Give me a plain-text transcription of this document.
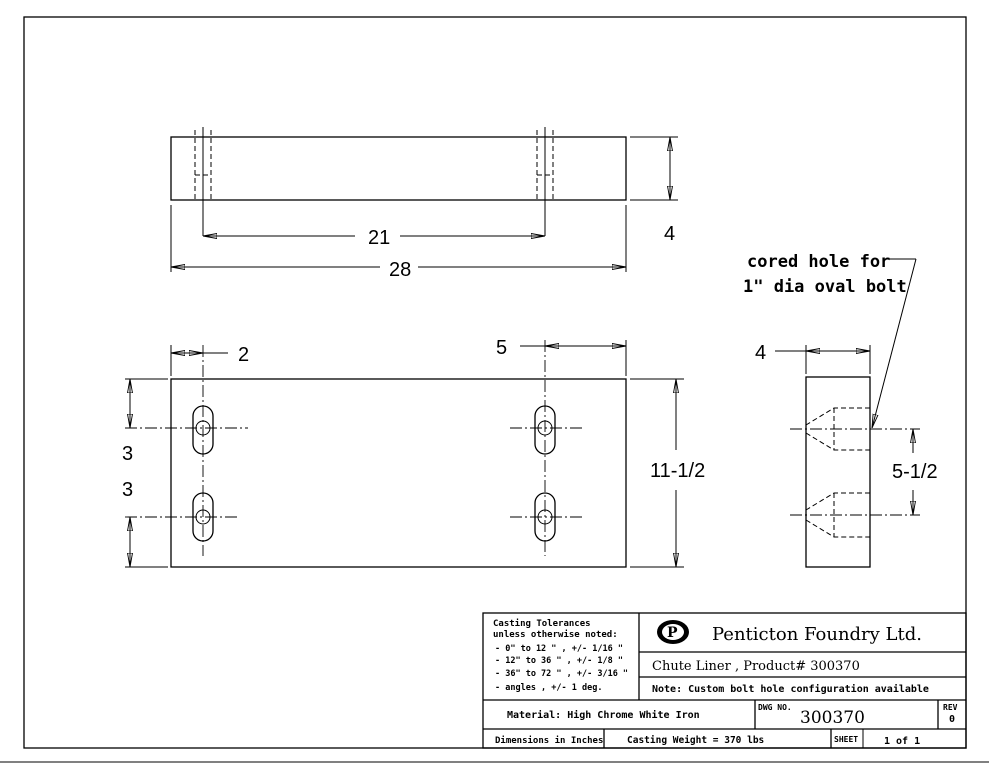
21
28
4
2	5
3
3
11-1/2
4
5-1/2
cored hole for
1" dia oval bolt
Casting Tolerances
unless otherwise noted:
- 0" to 12 " , +/- 1/16 "
- 12" to 36 " , +/- 1/8 "
- 36" to 72 " , +/- 3/16 "
- angles , +/- 1 deg.
P Penticton Foundry Ltd.
Chute Liner , Product# 300370
Note: Custom bolt hole configuration available
Material: High Chrome White Iron
DWG NO.
300370
REV
0
Dimensions in Inches Casting Weight = 370 lbs	SHEET	1 of 1
